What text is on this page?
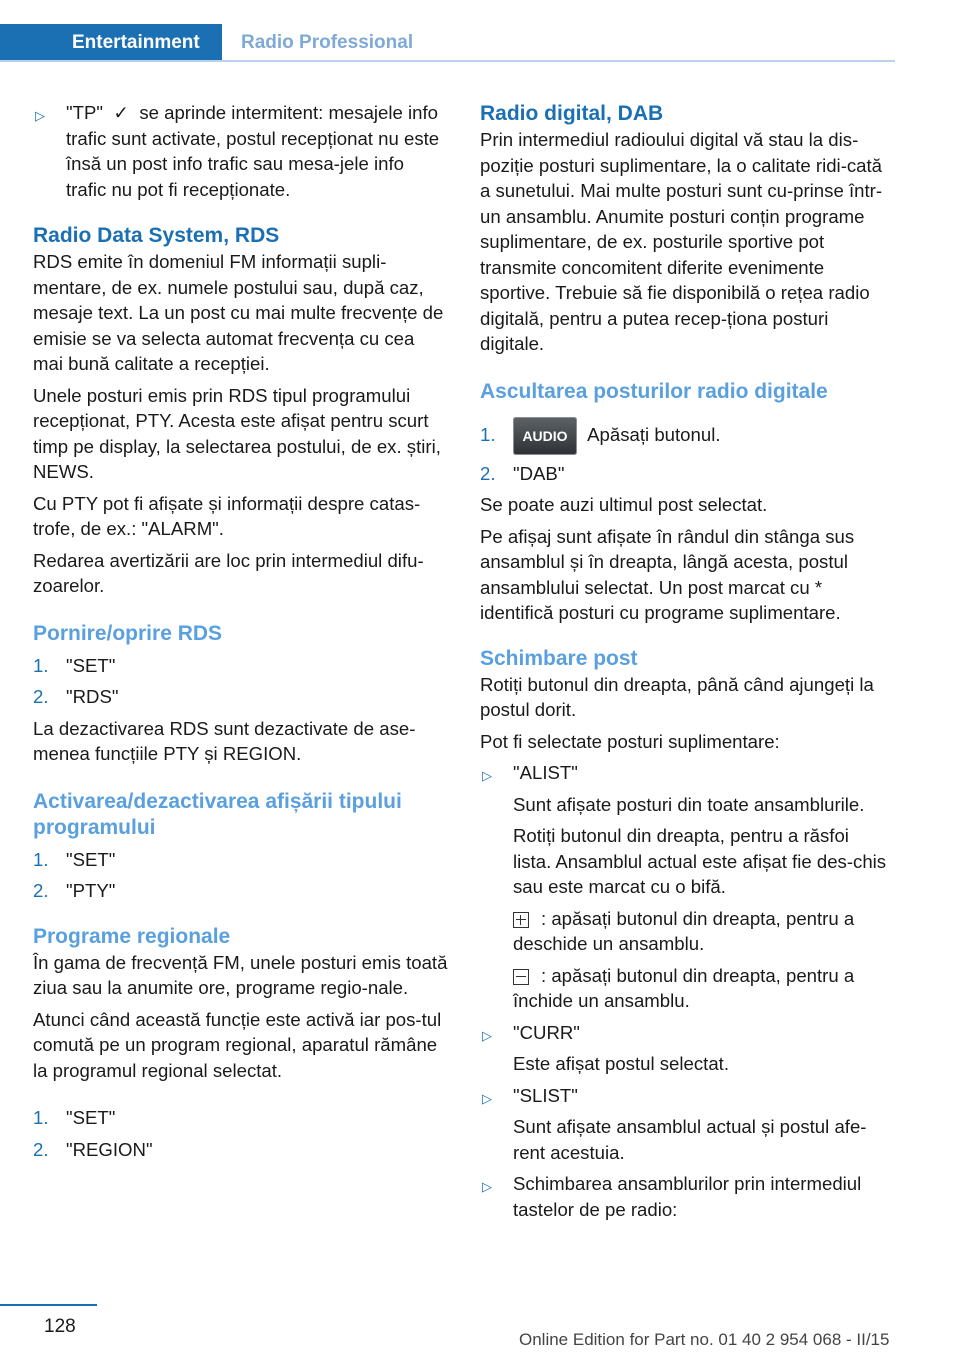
Entertainment Radio Professional
▷ "TP" ✓ se aprinde intermitent: mesajele info trafic sunt activate, postul recepționat nu este însă un post info trafic sau mesa-jele info trafic nu pot fi recepționate.
Radio Data System, RDS

RDS emite în domeniul FM informații supli-mentare, de ex. numele postului sau, după caz, mesaje text. La un post cu mai multe frecvențe de emisie se va selecta automat frecvența cu cea mai bună calitate a recepției.

Unele posturi emis prin RDS tipul programului recepționat, PTY. Acesta este afișat pentru scurt timp pe display, la selectarea postului, de ex. știri, NEWS.

Cu PTY pot fi afișate și informații despre catas-trofe, de ex.: "ALARM".

Redarea avertizării are loc prin intermediul difu-zoarelor.

Pornire/oprire RDS
1. "SET"
2. "RDS"

La dezactivarea RDS sunt dezactivate de ase-menea funcțiile PTY și REGION.

Activarea/dezactivarea afișării tipului programului
1. "SET"
2. "PTY"
Programe regionale

În gama de frecvență FM, unele posturi emis toată ziua sau la anumite ore, programe regio-nale.

Atunci când această funcție este activă iar pos-tul comută pe un program regional, aparatul rămâne la programul regional selectat.

1. "SET"
2. "REGION"
Radio digital, DAB

Prin intermediul radioului digital vă stau la dis-poziție posturi suplimentare, la o calitate ridi-cată a sunetului. Mai multe posturi sunt cu-prinse într-un ansamblu. Anumite posturi conțin programe suplimentare, de ex. posturile sportive pot transmite concomitent diferite evenimente sportive. Trebuie să fie disponibilă o rețea radio digitală, pentru a putea recep-ționa posturi digitale.

Ascultarea posturilor radio digitale
1. AUDIO Apăsați butonul.
2. "DAB"

Se poate auzi ultimul post selectat.

Pe afișaj sunt afișate în rândul din stânga sus ansamblul și în dreapta, lângă acesta, postul ansamblului selectat. Un post marcat cu * identifică posturi cu programe suplimentare.

Schimbare post

Rotiți butonul din dreapta, până când ajungeți la postul dorit.

Pot fi selectate posturi suplimentare:

▷ "ALIST"
Sunt afișate posturi din toate ansamblurile.
Rotiți butonul din dreapta, pentru a răsfoi lista. Ansamblul actual este afișat fie des-chis sau este marcat cu o bifă.
: apăsați butonul din dreapta, pentru a deschide un ansamblu.
: apăsați butonul din dreapta, pentru a închide un ansamblu.
▷ "CURR"
Este afișat postul selectat.
▷ "SLIST"
Sunt afișate ansamblul actual și postul afe-rent acestuia.
▷ Schimbarea ansamblurilor prin intermediul tastelor de pe radio:
128
Online Edition for Part no. 01 40 2 954 068 - II/15
